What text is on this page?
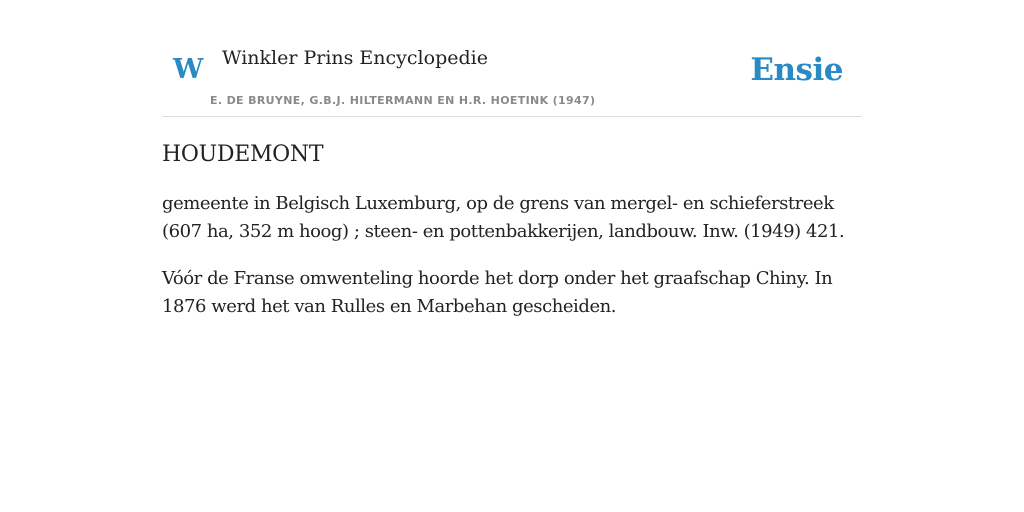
W Winkler Prins Encyclopedie
E. DE BRUYNE, G.B.J. HILTERMANN EN H.R. HOETINK (1947)
Ensie
HOUDEMONT

gemeente in Belgisch Luxemburg, op de grens van mergel- en schieferstreek (607 ha, 352 m hoog) ; steen- en pottenbakkerijen, landbouw. Inw. (1949) 421.

Vóór de Franse omwenteling hoorde het dorp onder het graafschap Chiny. In 1876 werd het van Rulles en Marbehan gescheiden.
